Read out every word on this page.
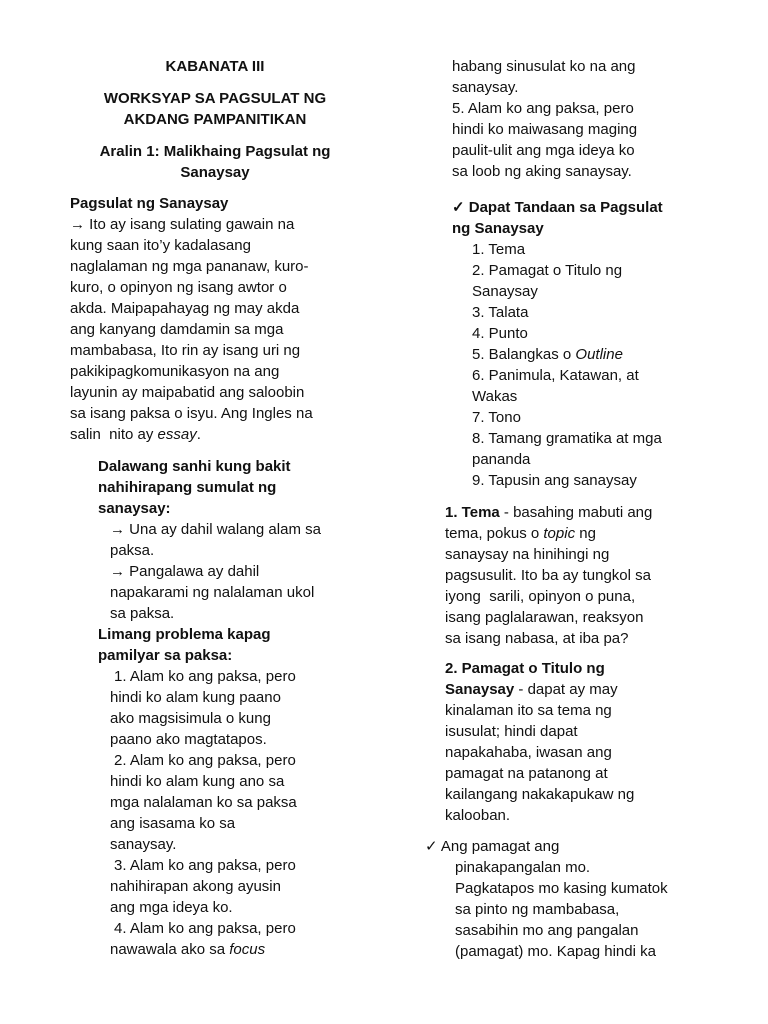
KABANATA III
WORKSYAP SA PAGSULAT NG
AKDANG PAMPANITIKAN
Aralin 1: Malikhaing Pagsulat ng
Sanaysay
Pagsulat ng Sanaysay
→ Ito ay isang sulating gawain na
kung saan ito’y kadalasang
naglalaman ng mga pananaw, kuro-
kuro, o opinyon ng isang awtor o
akda. Maipapahayag ng may akda
ang kanyang damdamin sa mga
mambabasa, Ito rin ay isang uri ng
pakikipagkomunikasyon na ang
layunin ay maipabatid ang saloobin
sa isang paksa o isyu. Ang Ingles na
salin  nito ay essay.
Dalawang sanhi kung bakit
nahihirapang sumulat ng
sanaysay:
→ Una ay dahil walang alam sa
paksa.
→ Pangalawa ay dahil
napakarami ng nalalaman ukol
sa paksa.
Limang problema kapag
pamilyar sa paksa:
1. Alam ko ang paksa, pero
hindi ko alam kung paano
ako magsisimula o kung
paano ako magtatapos.
2. Alam ko ang paksa, pero
hindi ko alam kung ano sa
mga nalalaman ko sa paksa
ang isasama ko sa
sanaysay.
3. Alam ko ang paksa, pero
nahihirapan akong ayusin
ang mga ideya ko.
4. Alam ko ang paksa, pero
nawawala ako sa focus
habang sinusulat ko na ang
sanaysay.
5. Alam ko ang paksa, pero
hindi ko maiwasang maging
paulit-ulit ang mga ideya ko
sa loob ng aking sanaysay.
✓ Dapat Tandaan sa Pagsulat
ng Sanaysay
1. Tema
2. Pamagat o Titulo ng
Sanaysay
3. Talata
4. Punto
5. Balangkas o Outline
6. Panimula, Katawan, at
Wakas
7. Tono
8. Tamang gramatika at mga
pananda
9. Tapusin ang sanaysay
1. Tema - basahing mabuti ang
tema, pokus o topic ng
sanaysay na hinihingi ng
pagsusulit. Ito ba ay tungkol sa
iyong  sarili, opinyon o puna,
isang paglalarawan, reaksyon
sa isang nabasa, at iba pa?
2. Pamagat o Titulo ng
Sanaysay - dapat ay may
kinalaman ito sa tema ng
isusulat; hindi dapat
napakahaba, iwasan ang
pamagat na patanong at
kailangang nakakapukaw ng
kalooban.
✓ Ang pamagat ang
pinakapangalan mo.
Pagkatapos mo kasing kumatok
sa pinto ng mambabasa,
sasabihin mo ang pangalan
(pamagat) mo. Kapag hindi ka
